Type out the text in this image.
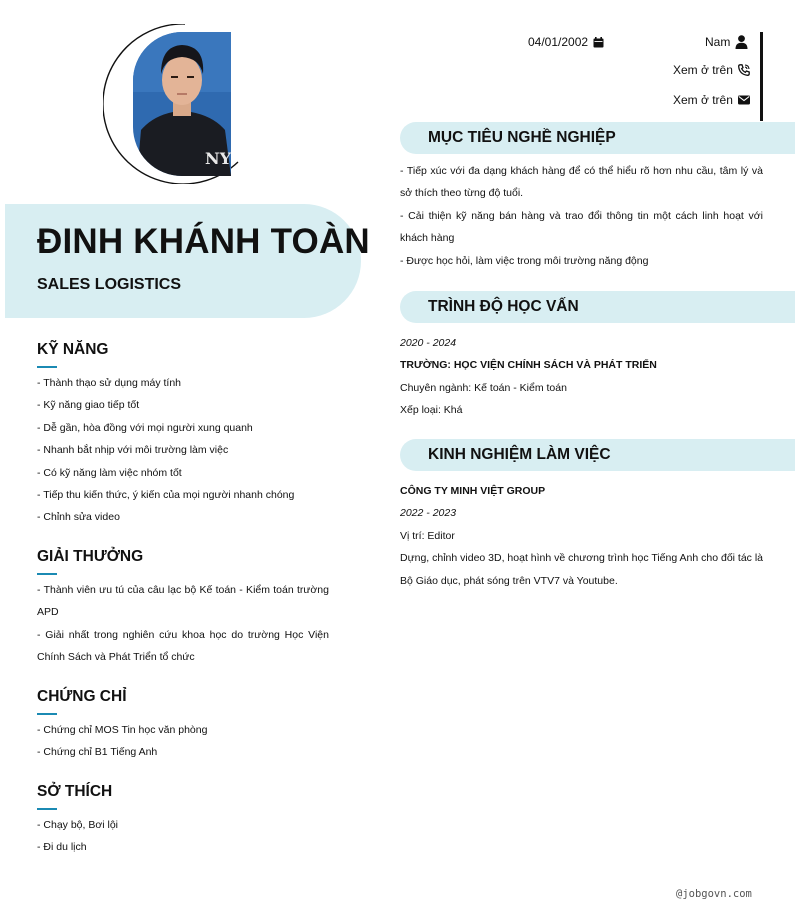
NY
ĐINH KHÁNH TOÀN
SALES LOGISTICS
04/01/2002	Nam
Xem ở trên
Xem ở trên
KỸ NĂNG
- Thành thạo sử dụng máy tính
- Kỹ năng giao tiếp tốt
- Dễ gần, hòa đồng với mọi người xung quanh
- Nhanh bắt nhịp với môi trường làm việc
- Có kỹ năng làm việc nhóm tốt
- Tiếp thu kiến thức, ý kiến của mọi người nhanh chóng
- Chỉnh sửa video
GIẢI THƯỞNG
- Thành viên ưu tú của câu lạc bộ Kế toán - Kiểm toán trường APD
- Giải nhất trong nghiên cứu khoa học do trường Học Viện Chính Sách và Phát Triển tổ chức
CHỨNG CHỈ
- Chứng chỉ MOS Tin học văn phòng
- Chứng chỉ B1 Tiếng Anh
SỞ THÍCH
- Chạy bộ, Bơi lội
- Đi du lịch
MỤC TIÊU NGHỀ NGHIỆP
- Tiếp xúc với đa dạng khách hàng để có thể hiểu rõ hơn nhu cầu, tâm lý và sở thích theo từng độ tuổi.
- Cải thiện kỹ năng bán hàng và trao đổi thông tin một cách linh hoạt với khách hàng
- Được học hỏi, làm việc trong môi trường năng động
TRÌNH ĐỘ HỌC VẤN
2020 - 2024
TRƯỜNG: HỌC VIỆN CHÍNH SÁCH VÀ PHÁT TRIỂN
Chuyên ngành: Kế toán - Kiểm toán
Xếp loại: Khá
KINH NGHIỆM LÀM VIỆC
CÔNG TY MINH VIỆT GROUP
2022 - 2023
Vị trí: Editor
Dựng, chỉnh video 3D, hoạt hình về chương trình học Tiếng Anh cho đối tác là Bộ Giáo dục, phát sóng trên VTV7 và Youtube.
@jobgovn.com
